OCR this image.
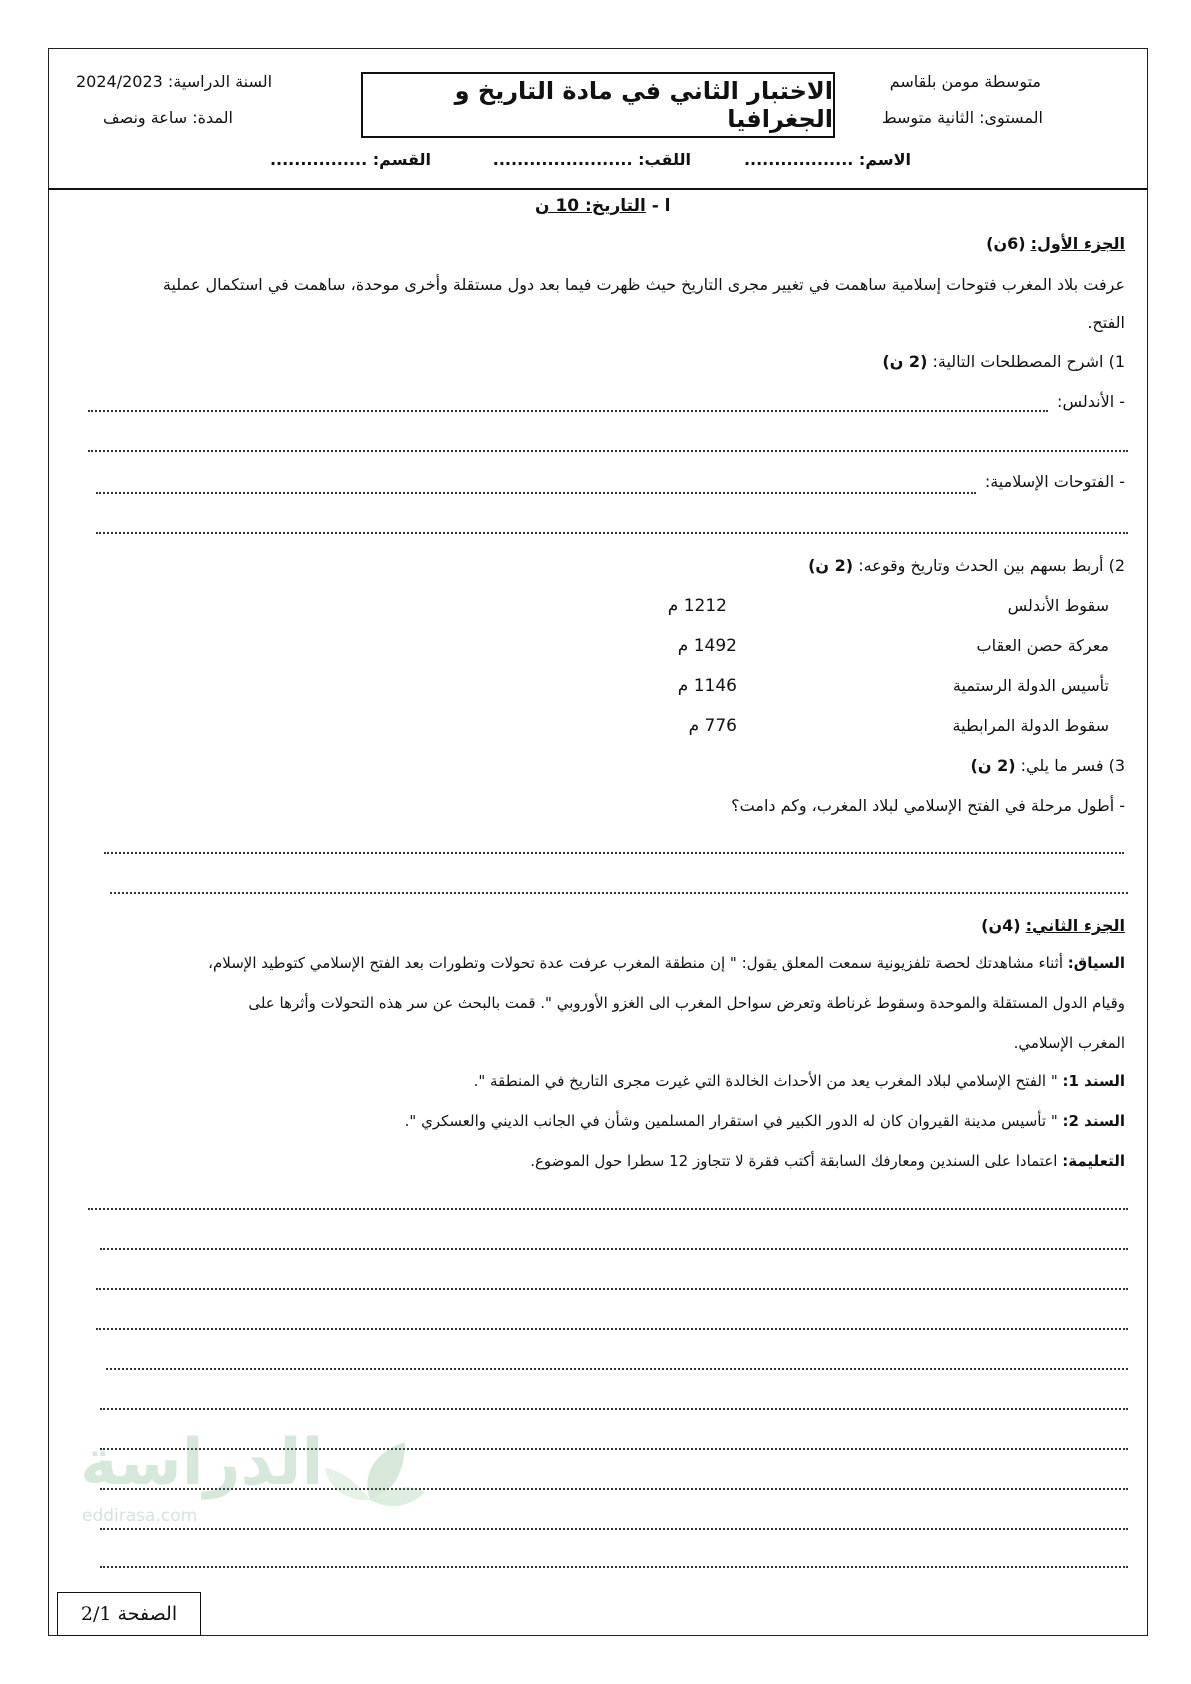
متوسطة مومن بلقاسم
المستوى: الثانية متوسط
الاختبار الثاني في مادة التاريخ و الجغرافيا
السنة الدراسية: 2024/2023
المدة: ساعة ونصف
الاسم: ..................
اللقب: .......................
القسم: ................
ا - التاريخ: 10 ن
الجزء الأول: (6ن)
عرفت بلاد المغرب فتوحات إسلامية ساهمت في تغيير مجرى التاريخ حيث ظهرت فيما بعد دول مستقلة وأخرى موحدة، ساهمت في استكمال عملية
الفتح.
1) اشرح المصطلحات التالية: (2 ن)
- الأندلس:
- الفتوحات الإسلامية:
2) أربط بسهم بين الحدث وتاريخ وقوعه: (2 ن)
سقوط الأندلس
معركة حصن العقاب
تأسيس الدولة الرستمية
سقوط الدولة المرابطية
1212 م
1492 م
1146 م
776 م
3) فسر ما يلي: (2 ن)
- أطول مرحلة في الفتح الإسلامي لبلاد المغرب، وكم دامت؟
الجزء الثاني: (4ن)
السياق: أثناء مشاهدتك لحصة تلفزيونية سمعت المعلق يقول: " إن منطقة المغرب عرفت عدة تحولات وتطورات بعد الفتح الإسلامي كتوطيد الإسلام،
وقيام الدول المستقلة والموحدة وسقوط غرناطة وتعرض سواحل المغرب الى الغزو الأوروبي ". قمت بالبحث عن سر هذه التحولات وأثرها على
المغرب الإسلامي.
السند 1: " الفتح الإسلامي لبلاد المغرب يعد من الأحداث الخالدة التي غيرت مجرى التاريخ في المنطقة ".
السند 2: " تأسيس مدينة القيروان كان له الدور الكبير في استقرار المسلمين وشأن في الجانب الديني والعسكري ".
التعليمة: اعتمادا على السندين ومعارفك السابقة أكتب فقرة لا تتجاوز 12 سطرا حول الموضوع.
الدراسة
eddirasa.com
الصفحة 2/1
